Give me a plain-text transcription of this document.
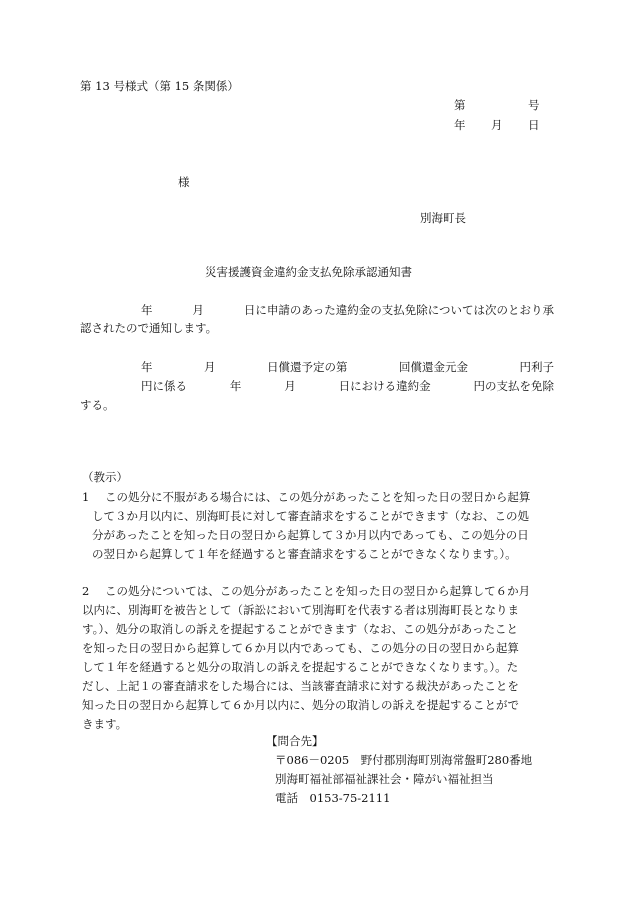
第 13 号様式（第 15 条関係）
第	号
年 月 日
様
別海町長
災害援護資金違約金支払免除承認通知書
年	月	日に申請のあった違約金の支払免除については次のとおり承
認されたので通知します。
年	月	日償還予定の第	回償還金元金	円利子
円に係る	年	月	日における違約金	円の支払を免除
する。
（教示）
1 この処分に不服がある場合には、この処分があったことを知った日の翌日から起算
して３か月以内に、別海町長に対して審査請求をすることができます（なお、この処
分があったことを知った日の翌日から起算して３か月以内であっても、この処分の日
の翌日から起算して１年を経過すると審査請求をすることができなくなります。）。
2 この処分については、この処分があったことを知った日の翌日から起算して６か月
以内に、別海町を被告として（訴訟において別海町を代表する者は別海町長となりま
す。）、処分の取消しの訴えを提起することができます（なお、この処分があったこと
を知った日の翌日から起算して６か月以内であっても、この処分の日の翌日から起算
して１年を経過すると処分の取消しの訴えを提起することができなくなります。）。た
だし、上記１の審査請求をした場合には、当該審査請求に対する裁決があったことを
知った日の翌日から起算して６か月以内に、処分の取消しの訴えを提起することがで
きます。
【問合先】
〒086－0205　野付郡別海町別海常盤町280番地
別海町福祉部福祉課社会・障がい福祉担当
電話　0153-75-2111
